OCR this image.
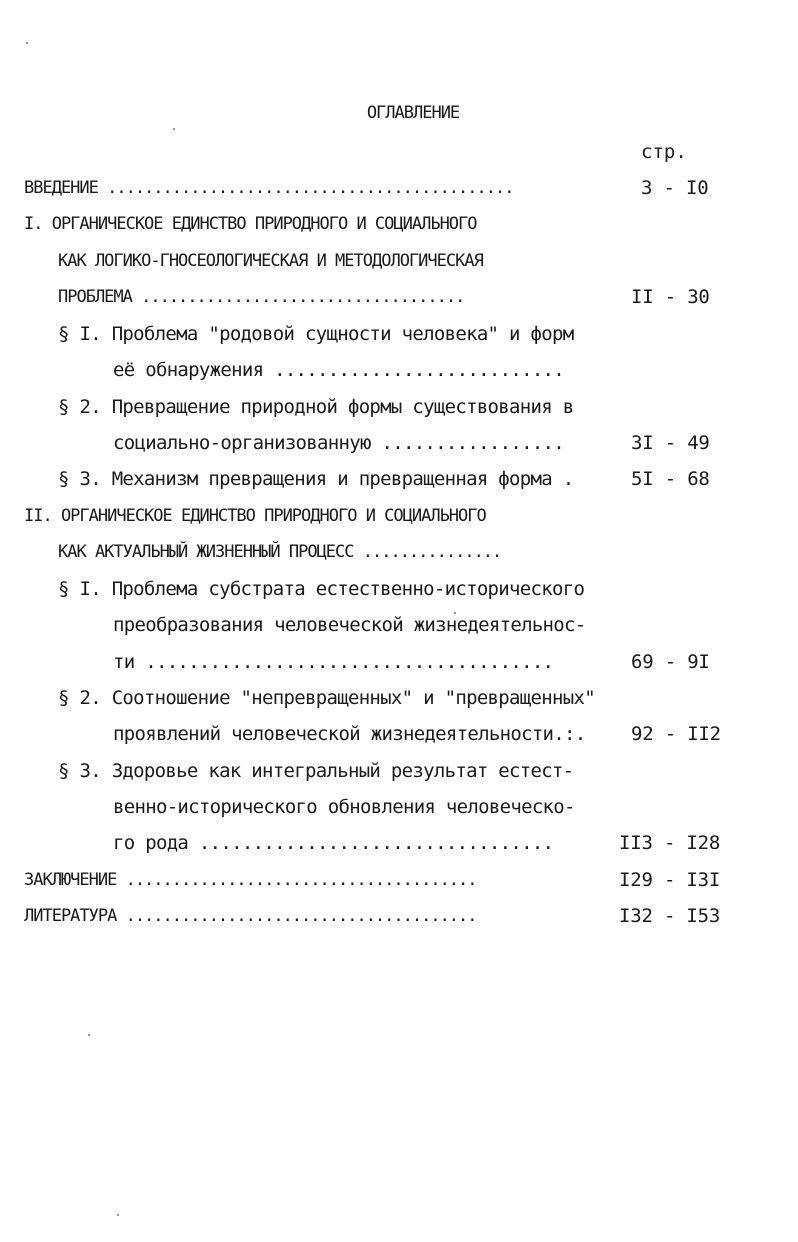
ОГЛАВЛЕНИЕ
стр.
ВВЕДЕНИЕ ............................................	3 - I0
I. ОРГАНИЧЕСКОЕ ЕДИНСТВО ПРИРОДНОГО И СОЦИАЛЬНОГО
КАК ЛОГИКО-ГНОСЕОЛОГИЧЕСКАЯ И МЕТОДОЛОГИЧЕСКАЯ
ПРОБЛЕМА ...................................	II - 30
§ I. Проблема "родовой сущности человека" и форм
её обнаружения ...........................
§ 2. Превращение природной формы существования в
социально-организованную .................	3I - 49
§ 3. Механизм превращения и превращенная форма .	5I - 68
II. ОРГАНИЧЕСКОЕ ЕДИНСТВО ПРИРОДНОГО И СОЦИАЛЬНОГО
КАК АКТУАЛЬНЫЙ ЖИЗНЕННЫЙ ПРОЦЕСС ...............
§ I. Проблема субстрата естественно-исторического
преобразования человеческой жизнедеятельнос-
ти ......................................	69 - 9I
§ 2. Соотношение "непревращенных" и "превращенных"
проявлений человеческой жизнедеятельности.:. 92 - II2
§ 3. Здоровье как интегральный результат естест-
венно-исторического обновления человеческо-
го рода .................................	II3 - I28
ЗАКЛЮЧЕНИЕ ......................................	I29 - I3I
ЛИТЕРАТУРА ......................................	I32 - I53
